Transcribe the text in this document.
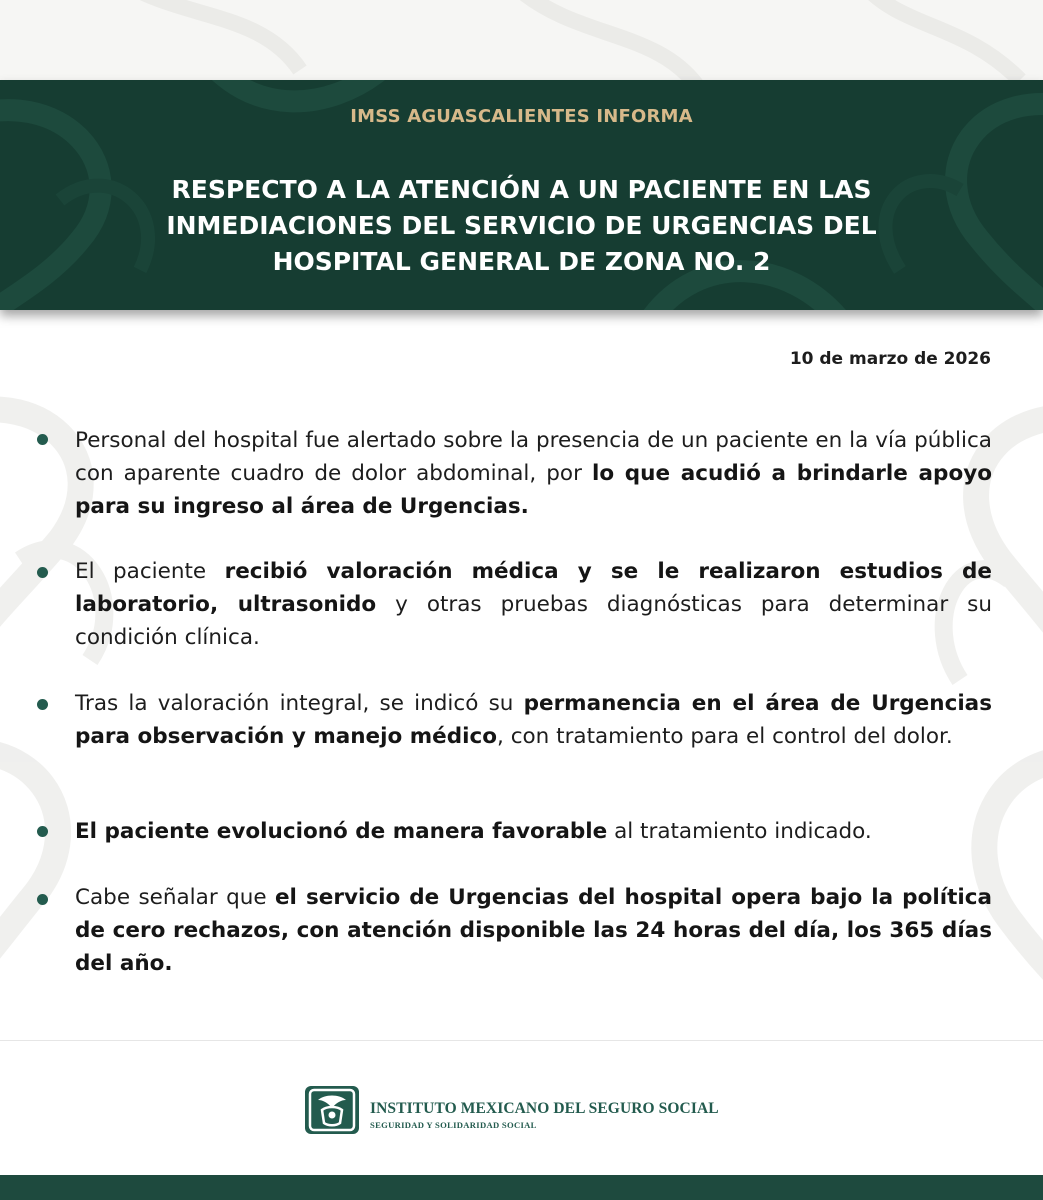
IMSS AGUASCALIENTES INFORMA
RESPECTO A LA ATENCIÓN A UN PACIENTE EN LAS
INMEDIACIONES DEL SERVICIO DE URGENCIAS DEL
HOSPITAL GENERAL DE ZONA NO. 2
10 de marzo de 2026
Personal del hospital fue alertado sobre la presencia de un paciente en la vía pública con aparente cuadro de dolor abdominal, por lo que acudió a brindarle apoyo para su ingreso al área de Urgencias.
El paciente recibió valoración médica y se le realizaron estudios de laboratorio, ultrasonido y otras pruebas diagnósticas para determinar su condición clínica.
Tras la valoración integral, se indicó su permanencia en el área de Urgencias para observación y manejo médico, con tratamiento para el control del dolor.
El paciente evolucionó de manera favorable al tratamiento indicado.
Cabe señalar que el servicio de Urgencias del hospital opera bajo la política de cero rechazos, con atención disponible las 24 horas del día, los 365 días del año.
INSTITUTO MEXICANO DEL SEGURO SOCIAL
SEGURIDAD Y SOLIDARIDAD SOCIAL
